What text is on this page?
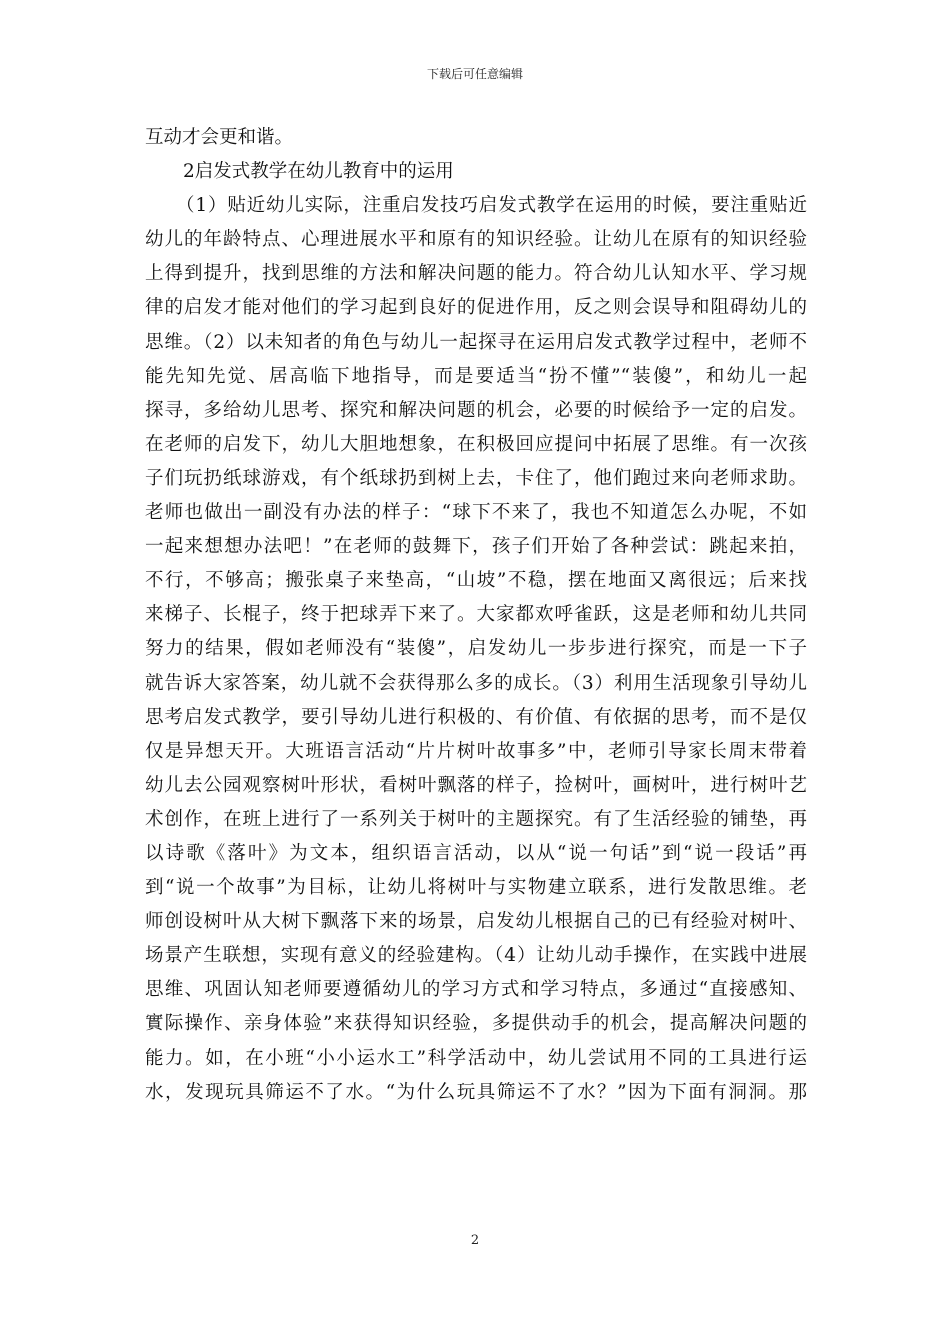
下载后可任意编辑
互动才会更和谐。
2启发式教学在幼儿教育中的运用
（1）贴近幼儿实际，注重启发技巧启发式教学在运用的时候，要注重贴近
幼儿的年龄特点、心理进展水平和原有的知识经验。让幼儿在原有的知识经验
上得到提升，找到思维的方法和解决问题的能力。符合幼儿认知水平、学习规
律的启发才能对他们的学习起到良好的促进作用，反之则会误导和阻碍幼儿的
思维。（2）以未知者的角色与幼儿一起探寻在运用启发式教学过程中，老师不
能先知先觉、居高临下地指导，而是要适当“扮不懂”“装傻”，和幼儿一起
探寻，多给幼儿思考、探究和解决问题的机会，必要的时候给予一定的启发。
在老师的启发下，幼儿大胆地想象，在积极回应提问中拓展了思维。有一次孩
子们玩扔纸球游戏，有个纸球扔到树上去，卡住了，他们跑过来向老师求助。
老师也做出一副没有办法的样子：“球下不来了，我也不知道怎么办呢，不如
一起来想想办法吧！”在老师的鼓舞下，孩子们开始了各种尝试：跳起来拍，
不行，不够高；搬张桌子来垫高，“山坡”不稳，摆在地面又离很远；后来找
来梯子、长棍子，终于把球弄下来了。大家都欢呼雀跃，这是老师和幼儿共同
努力的结果，假如老师没有“装傻”，启发幼儿一步步进行探究，而是一下子
就告诉大家答案，幼儿就不会获得那么多的成长。（3）利用生活现象引导幼儿
思考启发式教学，要引导幼儿进行积极的、有价值、有依据的思考，而不是仅
仅是异想天开。大班语言活动“片片树叶故事多”中，老师引导家长周末带着
幼儿去公园观察树叶形状，看树叶飘落的样子，捡树叶，画树叶，进行树叶艺
术创作，在班上进行了一系列关于树叶的主题探究。有了生活经验的铺垫，再
以诗歌《落叶》为文本，组织语言活动，以从“说一句话”到“说一段话”再
到“说一个故事”为目标，让幼儿将树叶与实物建立联系，进行发散思维。老
师创设树叶从大树下飘落下来的场景，启发幼儿根据自己的已有经验对树叶、
场景产生联想，实现有意义的经验建构。（4）让幼儿动手操作，在实践中进展
思维、巩固认知老师要遵循幼儿的学习方式和学习特点，多通过“直接感知、
實际操作、亲身体验”来获得知识经验，多提供动手的机会，提高解决问题的
能力。如，在小班“小小运水工”科学活动中，幼儿尝试用不同的工具进行运
水，发现玩具筛运不了水。“为什么玩具筛运不了水？”因为下面有洞洞。那
2
